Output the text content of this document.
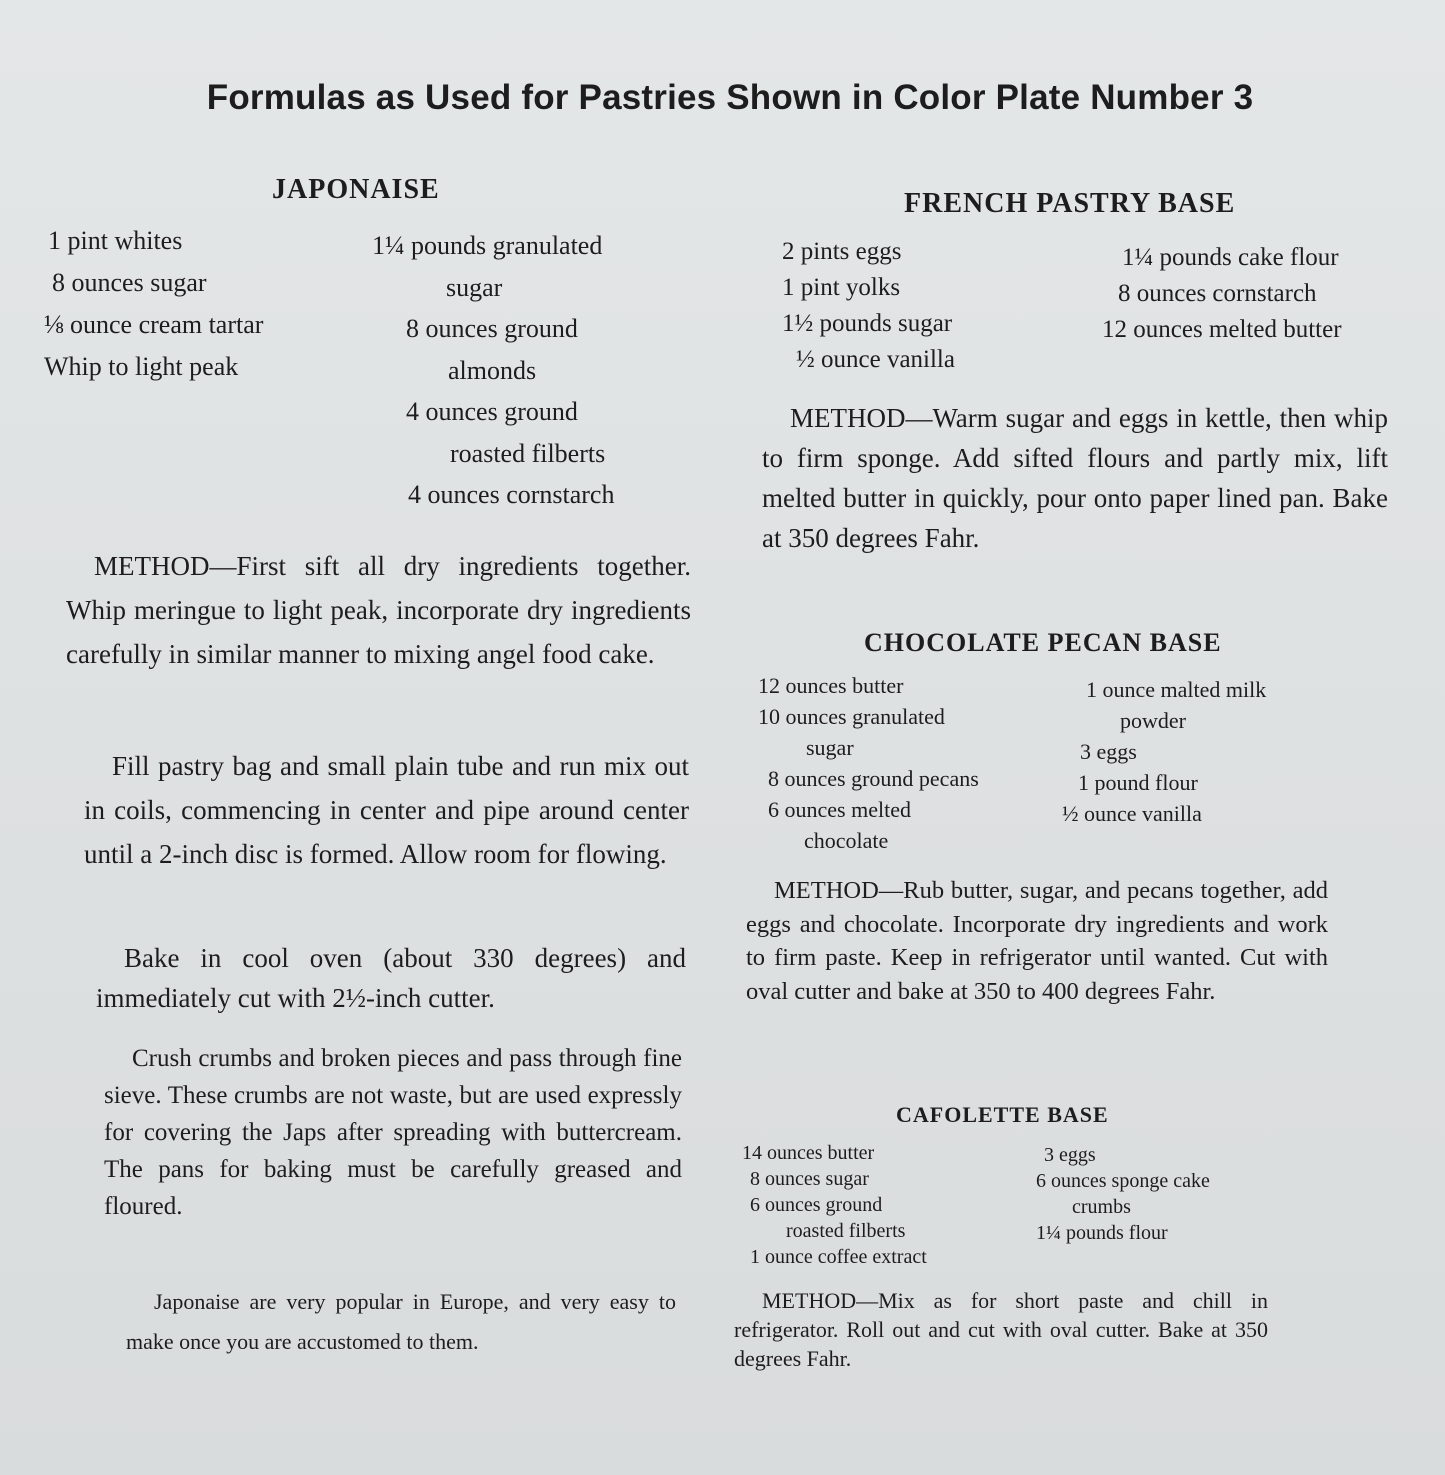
Formulas as Used for Pastries Shown in Color Plate Number 3
JAPONAISE
1 pint whites
8 ounces sugar
⅛ ounce cream tartar
Whip to light peak
1¼ pounds granulated
sugar
8 ounces ground
almonds
4 ounces ground
roasted filberts
4 ounces cornstarch
METHOD—First sift all dry ingredients together. Whip meringue to light peak, incorporate dry ingredients carefully in similar manner to mixing angel food cake.
Fill pastry bag and small plain tube and run mix out in coils, commencing in center and pipe around center until a 2-inch disc is formed. Allow room for flowing.
Bake in cool oven (about 330 degrees) and immediately cut with 2½-inch cutter.
Crush crumbs and broken pieces and pass through fine sieve. These crumbs are not waste, but are used expressly for covering the Japs after spreading with buttercream. The pans for baking must be carefully greased and floured.
Japonaise are very popular in Europe, and very easy to make once you are accustomed to them.
FRENCH PASTRY BASE
2 pints eggs
1 pint yolks
1½ pounds sugar
½ ounce vanilla
1¼ pounds cake flour
8 ounces cornstarch
12 ounces melted butter
METHOD—Warm sugar and eggs in kettle, then whip to firm sponge. Add sifted flours and partly mix, lift melted butter in quickly, pour onto paper lined pan. Bake at 350 degrees Fahr.
CHOCOLATE PECAN BASE
12 ounces butter
10 ounces granulated
sugar
8 ounces ground pecans
6 ounces melted
chocolate
1 ounce malted milk
powder
3 eggs
1 pound flour
½ ounce vanilla
METHOD—Rub butter, sugar, and pecans together, add eggs and chocolate. Incorporate dry ingredients and work to firm paste. Keep in refrigerator until wanted. Cut with oval cutter and bake at 350 to 400 degrees Fahr.
CAFOLETTE BASE
14 ounces butter
8 ounces sugar
6 ounces ground
roasted filberts
1 ounce coffee extract
3 eggs
6 ounces sponge cake
crumbs
1¼ pounds flour
METHOD—Mix as for short paste and chill in refrigerator. Roll out and cut with oval cutter. Bake at 350 degrees Fahr.
